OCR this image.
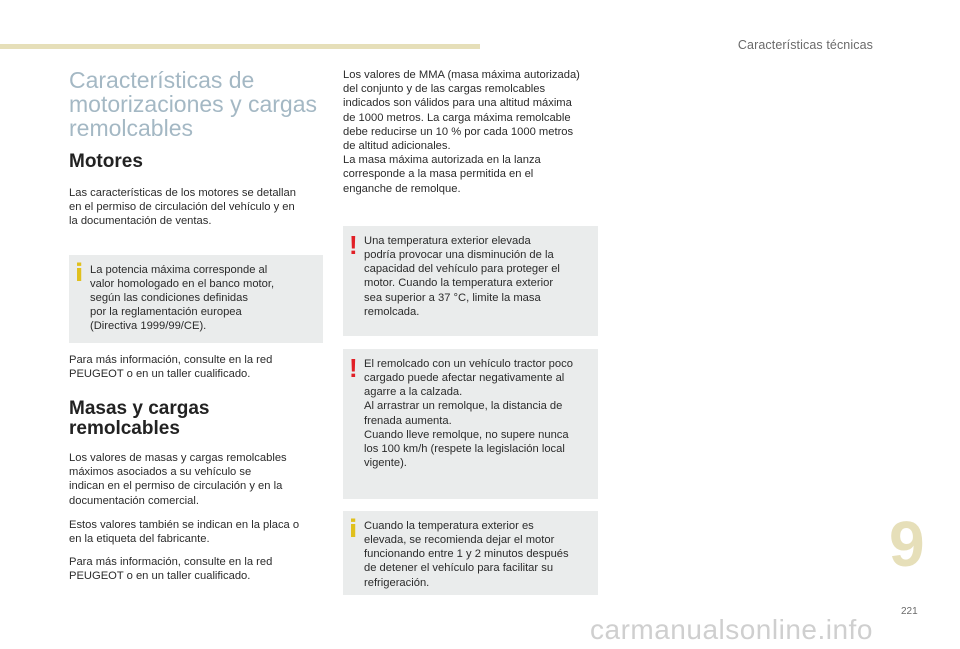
Características técnicas
Características de
motorizaciones y cargas
remolcables
Motores

Las características de los motores se detallan
en el permiso de circulación del vehículo y en
la documentación de ventas.

i La potencia máxima corresponde al
valor homologado en el banco motor,
según las condiciones definidas
por la reglamentación europea
(Directiva 1999/99/CE).

Para más información, consulte en la red
PEUGEOT o en un taller cualificado.

Masas y cargas
remolcables

Los valores de masas y cargas remolcables
máximos asociados a su vehículo se
indican en el permiso de circulación y en la
documentación comercial.

Estos valores también se indican en la placa o
en la etiqueta del fabricante.

Para más información, consulte en la red
PEUGEOT o en un taller cualificado.

Los valores de MMA (masa máxima autorizada)
del conjunto y de las cargas remolcables
indicados son válidos para una altitud máxima
de 1000 metros. La carga máxima remolcable
debe reducirse un 10 % por cada 1000 metros
de altitud adicionales.
La masa máxima autorizada en la lanza
corresponde a la masa permitida en el
enganche de remolque.

! Una temperatura exterior elevada
podría provocar una disminución de la
capacidad del vehículo para proteger el
motor. Cuando la temperatura exterior
sea superior a 37 °C, limite la masa
remolcada.

! El remolcado con un vehículo tractor poco
cargado puede afectar negativamente al
agarre a la calzada.
Al arrastrar un remolque, la distancia de
frenada aumenta.
Cuando lleve remolque, no supere nunca
los 100 km/h (respete la legislación local
vigente).

i Cuando la temperatura exterior es
elevada, se recomienda dejar el motor
funcionando entre 1 y 2 minutos después
de detener el vehículo para facilitar su
refrigeración.

9
221
carmanualsonline.info
